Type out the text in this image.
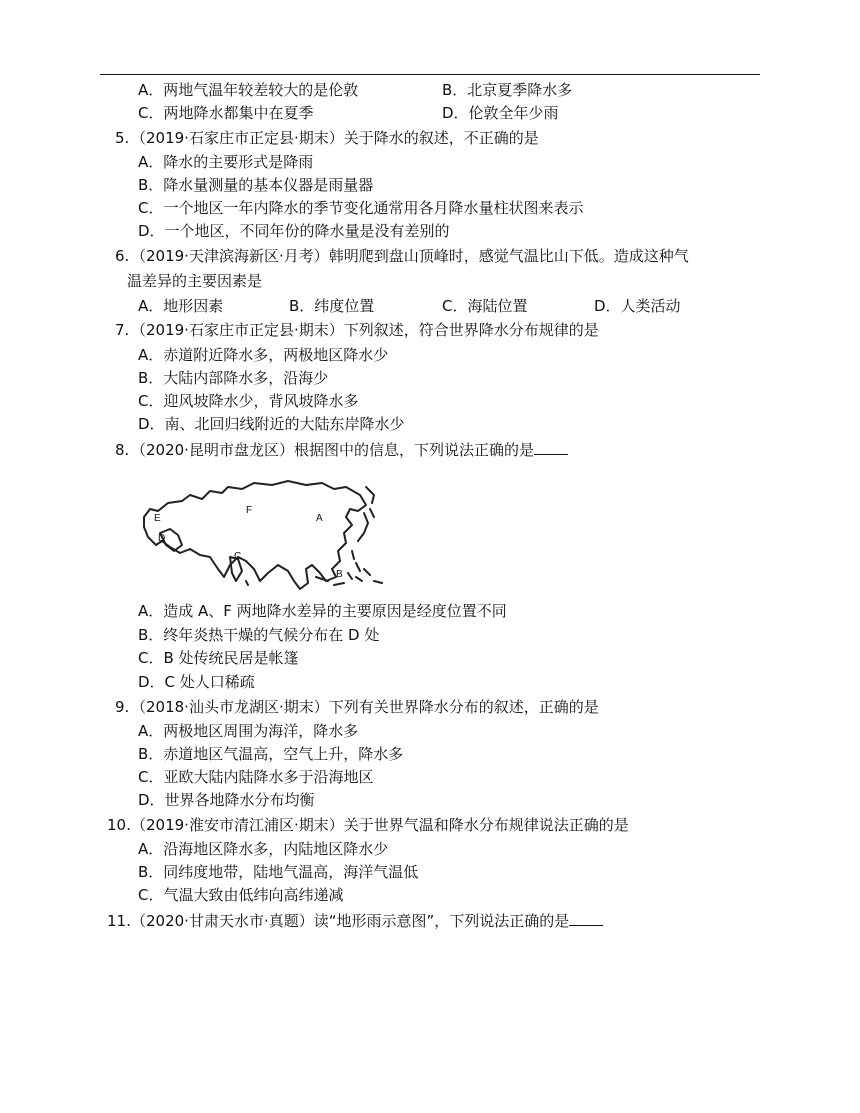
A．两地气温年较差较大的是伦敦	B．北京夏季降水多
C．两地降水都集中在夏季	D．伦敦全年少雨
5. （2019·石家庄市正定县·期末）关于降水的叙述，不正确的是
A．降水的主要形式是降雨
B．降水量测量的基本仪器是雨量器
C．一个地区一年内降水的季节变化通常用各月降水量柱状图来表示
D．一个地区，不同年份的降水量是没有差别的
6. （2019·天津滨海新区·月考）韩明爬到盘山顶峰时，感觉气温比山下低。造成这种气
温差异的主要因素是
A．地形因素	B．纬度位置	C．海陆位置	D．人类活动
7. （2019·石家庄市正定县·期末）下列叙述，符合世界降水分布规律的是
A．赤道附近降水多，两极地区降水少
B．大陆内部降水多，沿海少
C．迎风坡降水少，背风坡降水多
D．南、北回归线附近的大陆东岸降水少
8. （2020·昆明市盘龙区）根据图中的信息，下列说法正确的是
E
F
A
D
C
B
A．造成 A、F 两地降水差异的主要原因是经度位置不同
B．终年炎热干燥的气候分布在 D 处
C．B 处传统民居是帐篷
D．C 处人口稀疏
9. （2018·汕头市龙湖区·期末）下列有关世界降水分布的叙述，正确的是
A．两极地区周围为海洋，降水多
B．赤道地区气温高，空气上升，降水多
C．亚欧大陆内陆降水多于沿海地区
D．世界各地降水分布均衡
10. （2019·淮安市清江浦区·期末）关于世界气温和降水分布规律说法正确的是
A．沿海地区降水多，内陆地区降水少
B．同纬度地带，陆地气温高，海洋气温低
C．气温大致由低纬向高纬递减
11. （2020·甘肃天水市·真题）读“地形雨示意图”，下列说法正确的是
